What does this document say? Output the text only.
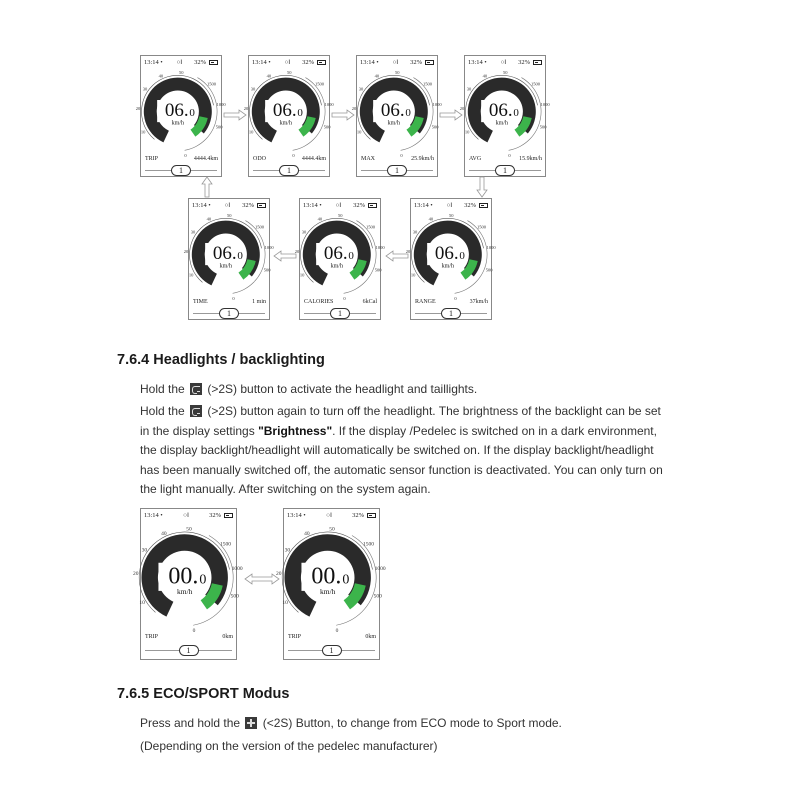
13:14 • ○‖ 32%
10
20
30
40
50
1500
1000
500
0
06. 0
km/h
TRIP	4444.4km
1
13:14 • ○‖ 32%
10
20
30
40
50
1500
1000
500
0
06. 0
km/h
ODO	4444.4km
1
13:14 • ○‖ 32%
10
20
30
40
50
1500
1000
500
0
06. 0
km/h
MAX	25.9km/h
1
13:14 • ○‖ 32%
10
20
30
40
50
1500
1000
500
0
06. 0
km/h
AVG	15.9km/h
1
13:14 • ○‖ 32%
10
20
30
40
50
1500
1000
500
0
06. 0
km/h
RANGE	37km/h
1
13:14 • ○‖ 32%
10
20
30
40
50
1500
1000
500
0
06. 0
km/h
CALORIES	6kCal
1
13:14 • ○‖ 32%
10
20
30
40
50
1500
1000
500
0
06. 0
km/h
TIME	1 min
1
7.6.4 Headlights / backlighting

Hold the  (>2S) button to activate the headlight and taillights.

Hold the  (>2S) button again to turn off the headlight. The brightness of the backlight can be set
in the display settings "Brightness". If the display /Pedelec is switched on in a dark environment,
the display backlight/headlight will automatically be switched on. If the display backlight/headlight
has been manually switched off, the automatic sensor function is deactivated. You can only turn on
the light manually. After switching on the system again.

13:14 •	○‖	32%
10
20
30
40
50
1500
1000
500
0
00. 0
km/h
TRIP	0km
1
13:14 •	○‖	32%
10
20
30
40
50
1500
1000
500
0
00. 0
km/h
TRIP	0km
1
7.6.5 ECO/SPORT Modus

Press and hold the  (<2S) Button, to change from ECO mode to Sport mode.

(Depending on the version of the pedelec manufacturer)
